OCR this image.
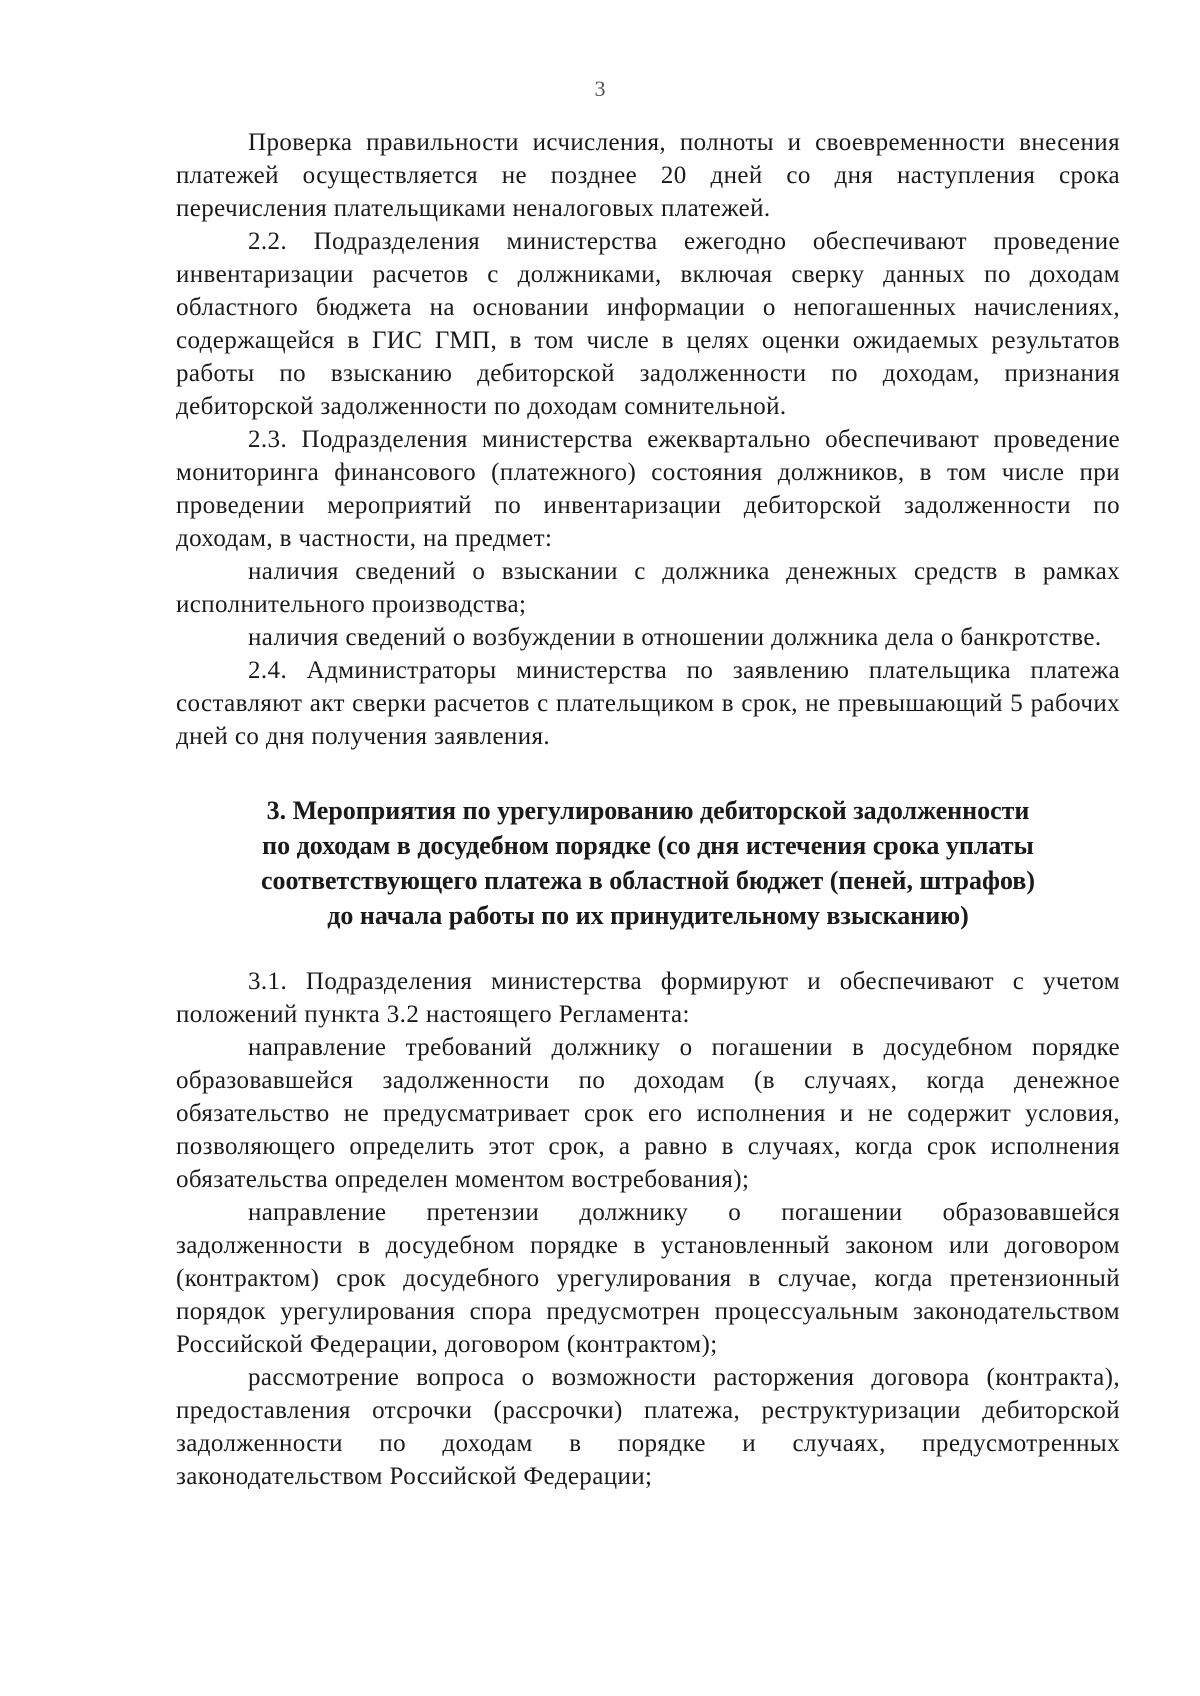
3

Проверка правильности исчисления, полноты и своевременности внесения платежей осуществляется не позднее 20 дней со дня наступления срока перечисления плательщиками неналоговых платежей.

2.2. Подразделения министерства ежегодно обеспечивают проведение инвентаризации расчетов с должниками, включая сверку данных по доходам областного бюджета на основании информации о непогашенных начислениях, содержащейся в ГИС ГМП, в том числе в целях оценки ожидаемых результатов работы по взысканию дебиторской задолженности по доходам, признания дебиторской задолженности по доходам сомнительной.

2.3. Подразделения министерства ежеквартально обеспечивают проведение мониторинга финансового (платежного) состояния должников, в том числе при проведении мероприятий по инвентаризации дебиторской задолженности по доходам, в частности, на предмет:

наличия сведений о взыскании с должника денежных средств в рамках исполнительного производства;

наличия сведений о возбуждении в отношении должника дела о банкротстве.

2.4. Администраторы министерства по заявлению плательщика платежа составляют акт сверки расчетов с плательщиком в срок, не превышающий 5 рабочих дней со дня получения заявления.

3. Мероприятия по урегулированию дебиторской задолженности
по доходам в досудебном порядке (со дня истечения срока уплаты
соответствующего платежа в областной бюджет (пеней, штрафов)
до начала работы по их принудительному взысканию)

3.1. Подразделения министерства формируют и обеспечивают с учетом положений пункта 3.2 настоящего Регламента:

направление требований должнику о погашении в досудебном порядке образовавшейся задолженности по доходам (в случаях, когда денежное обязательство не предусматривает срок его исполнения и не содержит условия, позволяющего определить этот срок, а равно в случаях, когда срок исполнения обязательства определен моментом востребования);

направление претензии должнику о погашении образовавшейся задолженности в досудебном порядке в установленный законом или договором (контрактом) срок досудебного урегулирования в случае, когда претензионный порядок урегулирования спора предусмотрен процессуальным законодательством Российской Федерации, договором (контрактом);

рассмотрение вопроса о возможности расторжения договора (контракта), предоставления отсрочки (рассрочки) платежа, реструктуризации дебиторской задолженности по доходам в порядке и случаях, предусмотренных законодательством Российской Федерации;
